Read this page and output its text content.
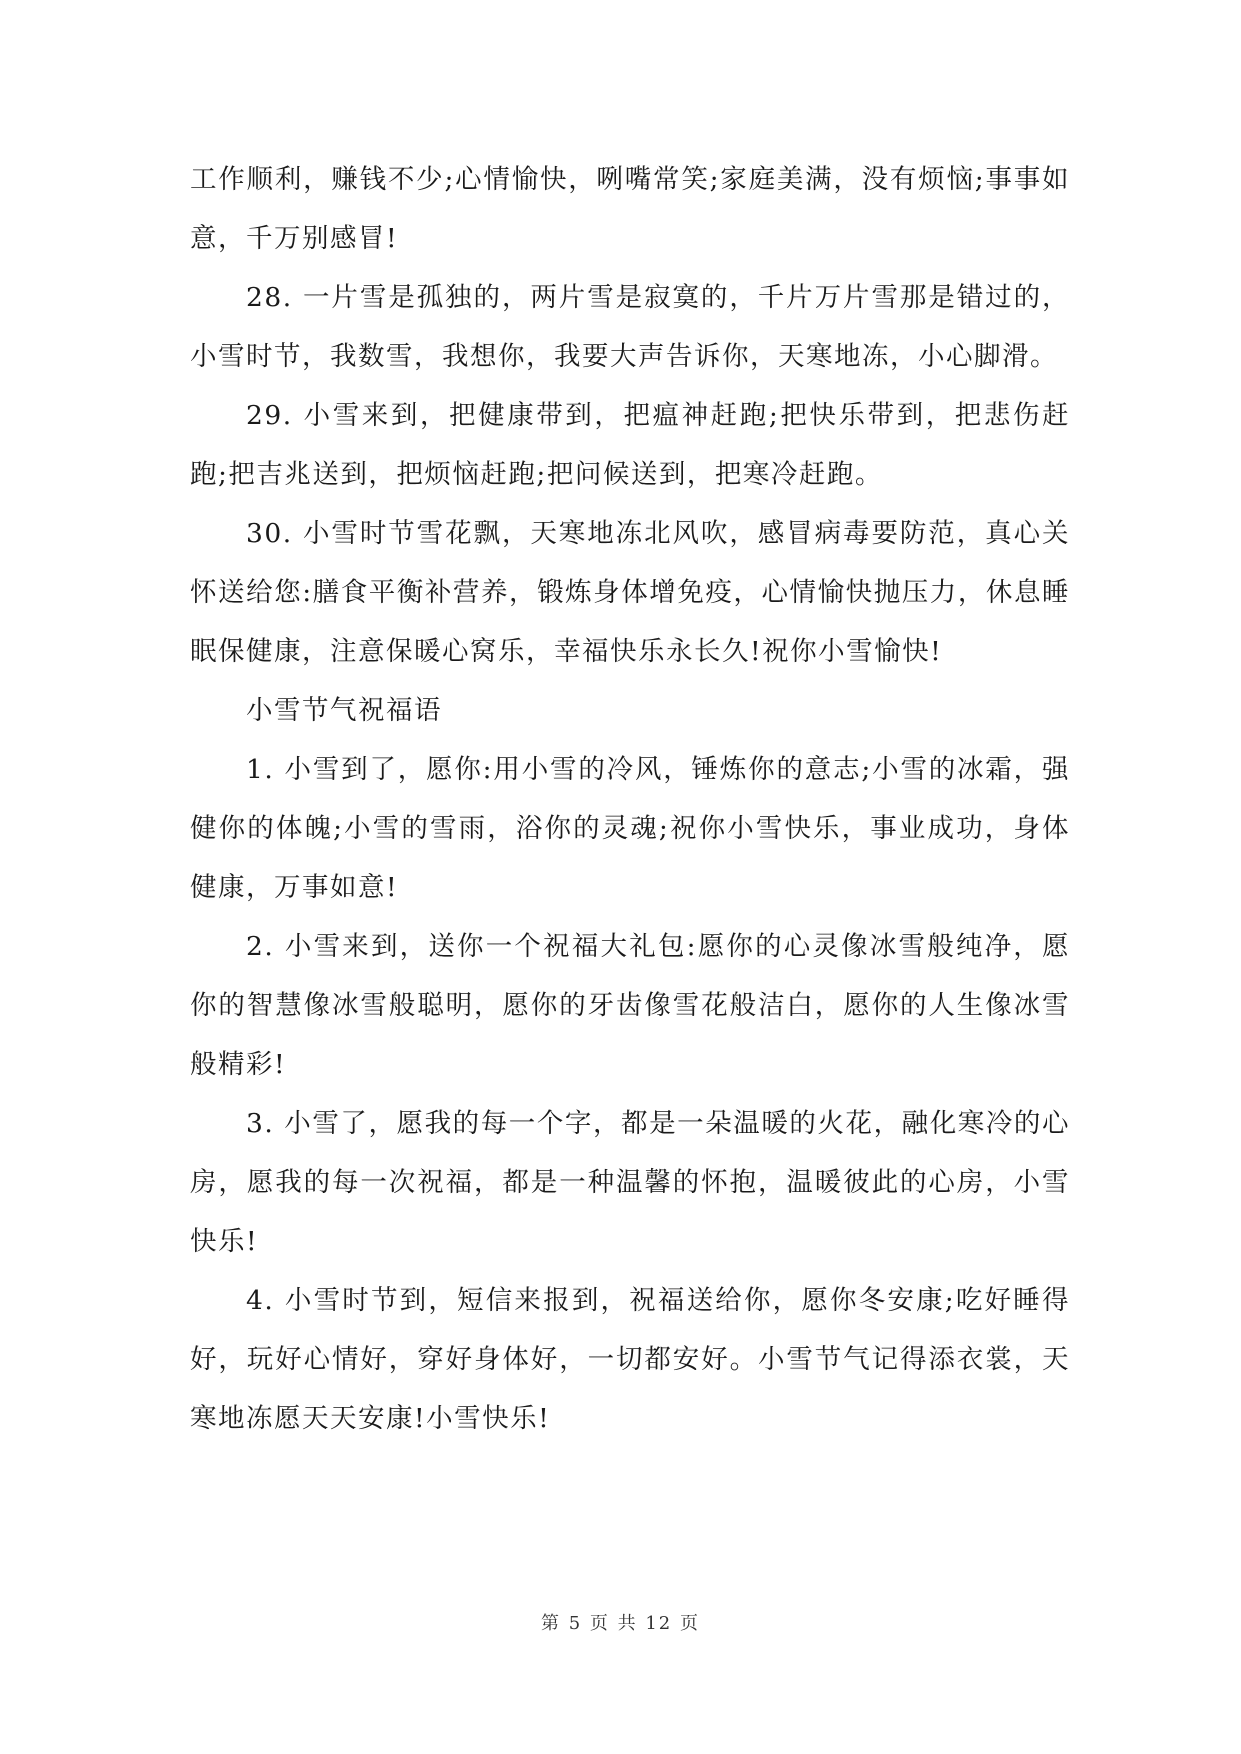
工作顺利，赚钱不少;心情愉快，咧嘴常笑;家庭美满，没有烦恼;事事如意，千万别感冒!

28. 一片雪是孤独的，两片雪是寂寞的，千片万片雪那是错过的，小雪时节，我数雪，我想你，我要大声告诉你，天寒地冻，小心脚滑。

29. 小雪来到，把健康带到，把瘟神赶跑;把快乐带到，把悲伤赶跑;把吉兆送到，把烦恼赶跑;把问候送到，把寒冷赶跑。

30. 小雪时节雪花飘，天寒地冻北风吹，感冒病毒要防范，真心关怀送给您:膳食平衡补营养，锻炼身体增免疫，心情愉快抛压力，休息睡眠保健康，注意保暖心窝乐，幸福快乐永长久!祝你小雪愉快!

小雪节气祝福语

1. 小雪到了，愿你:用小雪的冷风，锤炼你的意志;小雪的冰霜，强健你的体魄;小雪的雪雨，浴你的灵魂;祝你小雪快乐，事业成功，身体健康，万事如意!

2. 小雪来到，送你一个祝福大礼包:愿你的心灵像冰雪般纯净，愿你的智慧像冰雪般聪明，愿你的牙齿像雪花般洁白，愿你的人生像冰雪般精彩!

3. 小雪了，愿我的每一个字，都是一朵温暖的火花，融化寒冷的心房，愿我的每一次祝福，都是一种温馨的怀抱，温暖彼此的心房，小雪快乐!

4. 小雪时节到，短信来报到，祝福送给你，愿你冬安康;吃好睡得好，玩好心情好，穿好身体好，一切都安好。小雪节气记得添衣裳，天寒地冻愿天天安康!小雪快乐!

第 5 页 共 12 页
